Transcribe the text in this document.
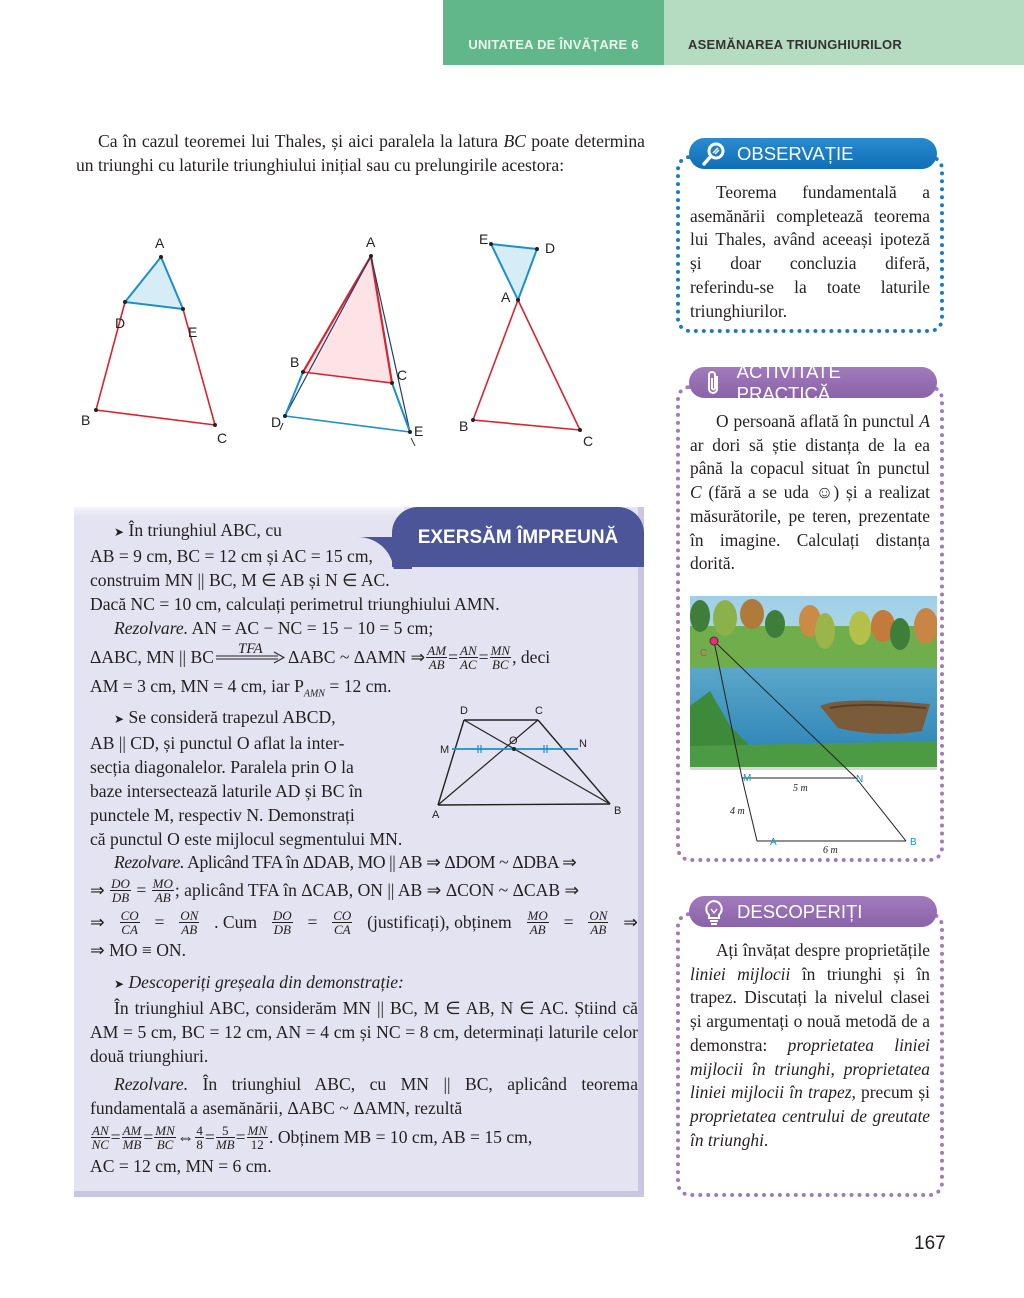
UNITATEA DE ÎNVĂȚARE 6	ASEMĂNAREA TRIUNGHIURILOR

Ca în cazul teoremei lui Thales, și aici paralela la latura BC poate determina un triunghi cu laturile triunghiului inițial sau cu prelungirile acestora:

A
D
E
B
C
A
B
C
D
E
E
D
A
B
C
EXERSĂM ÎMPREUNĂ
➤ În triunghiul ABC, cu
AB = 9 cm, BC = 12 cm și AC = 15 cm,
construim MN || BC, M ∈ AB și N ∈ AC.
Dacă NC = 10 cm, calculați perimetrul triunghiului AMN.
Rezolvare. AN = AC − NC = 15 − 10 = 5 cm;
ΔABC, MN || BC TFA ΔABC ~ ΔAMN ⇒ $\frac{AM}{AB} = \frac{AN}{AC} = \frac{MN}{BC}$ , deci
AM = 3 cm, MN = 4 cm, iar $P_{AMN} = 12$ cm.
➤ Se consideră trapezul ABCD,
AB || CD, și punctul O aflat la inter-
secția diagonalelor. Paralela prin O la
baze intersectează laturile AD și BC în
punctele M, respectiv N. Demonstrați
că punctul O este mijlocul segmentului MN.
D	C
M
O	N
A	B
Rezolvare. Aplicând TFA în ΔDAB, MO || AB ⇒ ΔDOM ~ ΔDBA ⇒
⇒ $\frac{DO}{DB} = \frac{MO}{AB}$ ; aplicând TFA în ΔCAB, ON || AB ⇒ ΔCON ~ ΔCAB ⇒
⇒ $\frac{CO}{CA} = \frac{ON}{AB}$ . Cum $\frac{DO}{DB} = \frac{CO}{CA}$ (justificați), obținem $\frac{MO}{AB} = \frac{ON}{AB}$ ⇒
⇒ MO ≡ ON.
➤ Descoperiți greșeala din demonstrație:
În triunghiul ABC, considerăm MN || BC, M ∈ AB, N ∈ AC. Știind că AM = 5 cm, BC = 12 cm, AN = 4 cm și NC = 8 cm, determinați laturile celor două triunghiuri.
Rezolvare. În triunghiul ABC, cu MN || BC, aplicând teorema fundamentală a asemănării, ΔABC ~ ΔAMN, rezultă
$\frac{AN}{NC} = \frac{AM}{MB} = \frac{MN}{BC}$ ⇔ $\frac{4}{8} = \frac{5}{MB} = \frac{MN}{12}$ . Obținem MB = 10 cm, AB = 15 cm,
AC = 12 cm, MN = 6 cm.
OBSERVAȚIE
Teorema fundamentală a asemănării completează teorema lui Thales, având aceeași ipoteză și doar concluzia diferă, referindu-se la toate laturile triunghiurilor.
ACTIVITATE PRACTICĂ
O persoană aflată în punctul A ar dori să știe distanța de la ea până la copacul situat în punctul C (fără a se uda ☺) și a realizat măsurătorile, pe teren, prezentate în imagine. Calculați distanța dorită.
C
M	N
A	B
5 m
4 m
6 m
DESCOPERIȚI
Ați învățat despre proprietățile liniei mijlocii în triunghi și în trapez. Discutați la nivelul clasei și argumentați o nouă metodă de a demonstra: proprietatea liniei mijlocii în triunghi, proprietatea liniei mijlocii în trapez, precum și proprietatea centrului de greutate în triunghi.
167
